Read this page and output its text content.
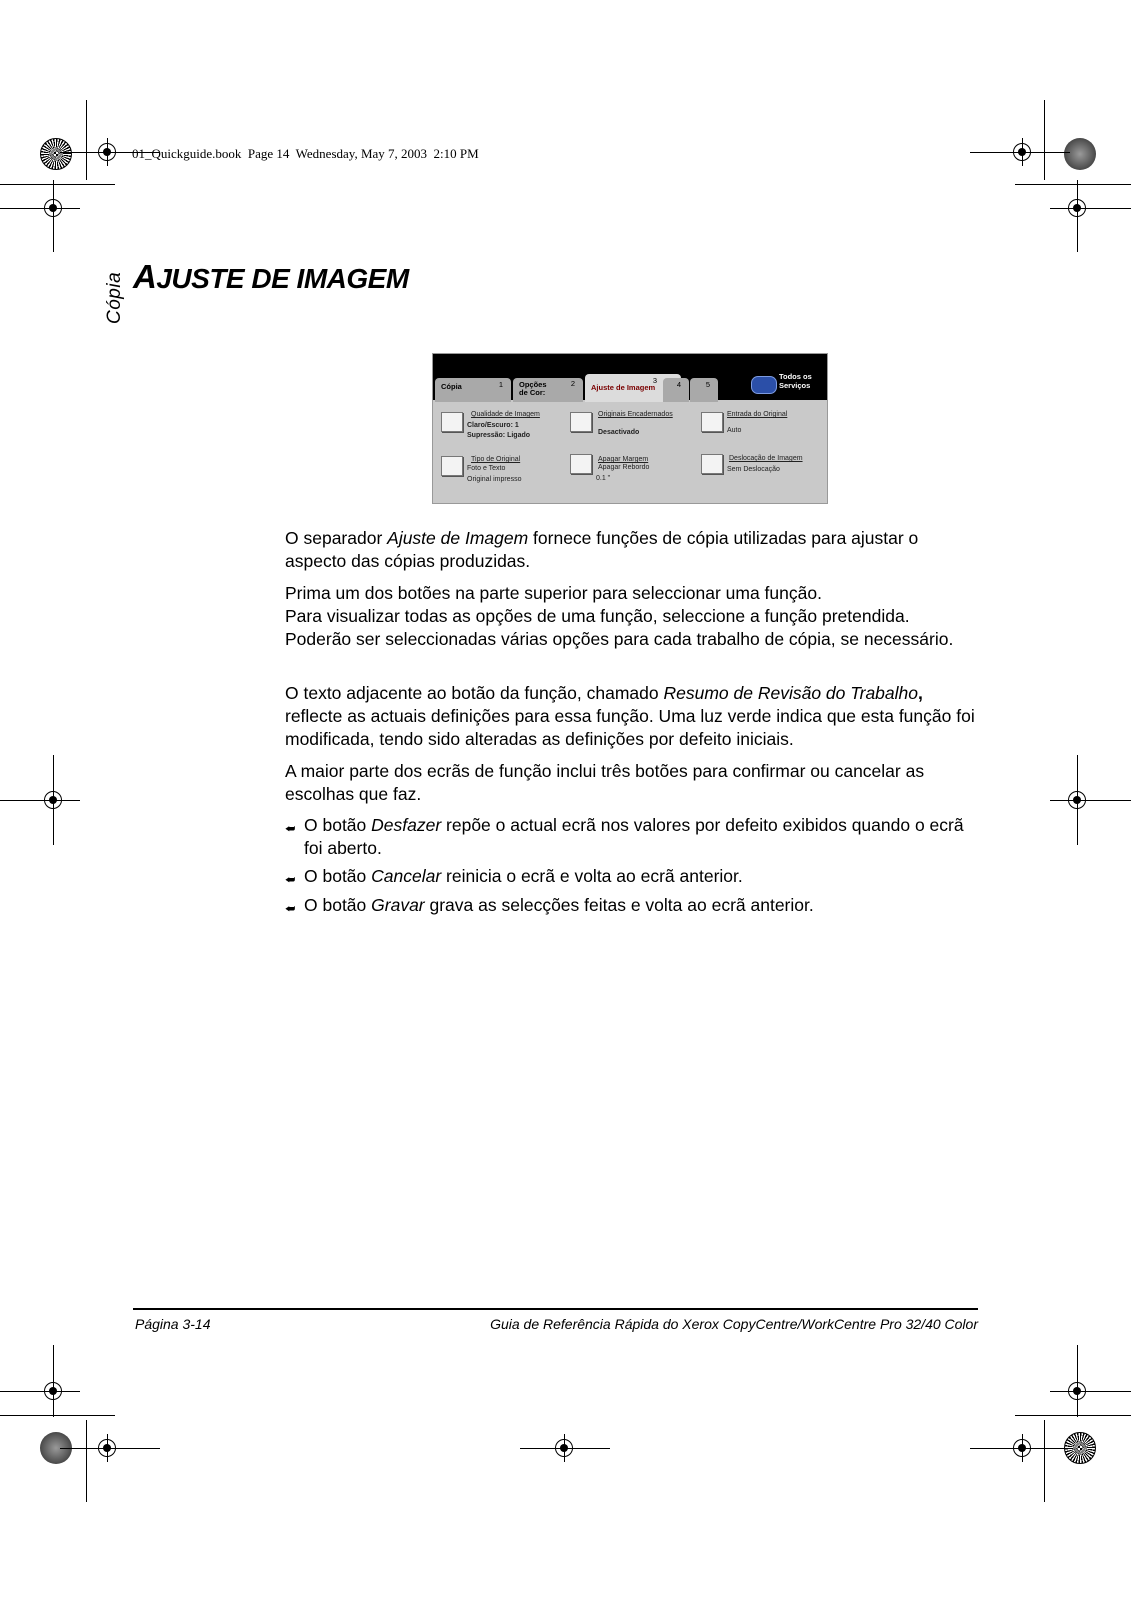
01_Quickguide.book  Page 14  Wednesday, May 7, 2003  2:10 PM
Cópia AJUSTE DE IMAGEM
Cópia	1 Opções de Cor:
2	Ajuste de Imagem
3	4	5
Todos os Serviços
Qualidade de Imagem
Claro/Escuro: 1
Supressão: Ligado
Originais Encadernados
Desactivado
Entrada do Original
Auto
Tipo de Original
Foto e Texto
Original impresso
Apagar Margem
Apagar Rebordo
0.1 "
Deslocação de Imagem
Sem Deslocação

O separador Ajuste de Imagem fornece funções de cópia utilizadas para ajustar o aspecto das cópias produzidas.

Prima um dos botões na parte superior para seleccionar uma função.

Para visualizar todas as opções de uma função, seleccione a função pretendida. Poderão ser seleccionadas várias opções para cada trabalho de cópia, se necessário.

O texto adjacente ao botão da função, chamado Resumo de Revisão do Trabalho, reflecte as actuais definições para essa função. Uma luz verde indica que esta função foi modificada, tendo sido alteradas as definições por defeito iniciais.

A maior parte dos ecrãs de função inclui três botões para confirmar ou cancelar as escolhas que faz.

⮨ O botão Desfazer repõe o actual ecrã nos valores por defeito exibidos quando o ecrã foi aberto.
⮨ O botão Cancelar reinicia o ecrã e volta ao ecrã anterior.
⮨ O botão Gravar grava as selecções feitas e volta ao ecrã anterior.
Página 3-14	Guia de Referência Rápida do Xerox CopyCentre/WorkCentre Pro 32/40 Color
